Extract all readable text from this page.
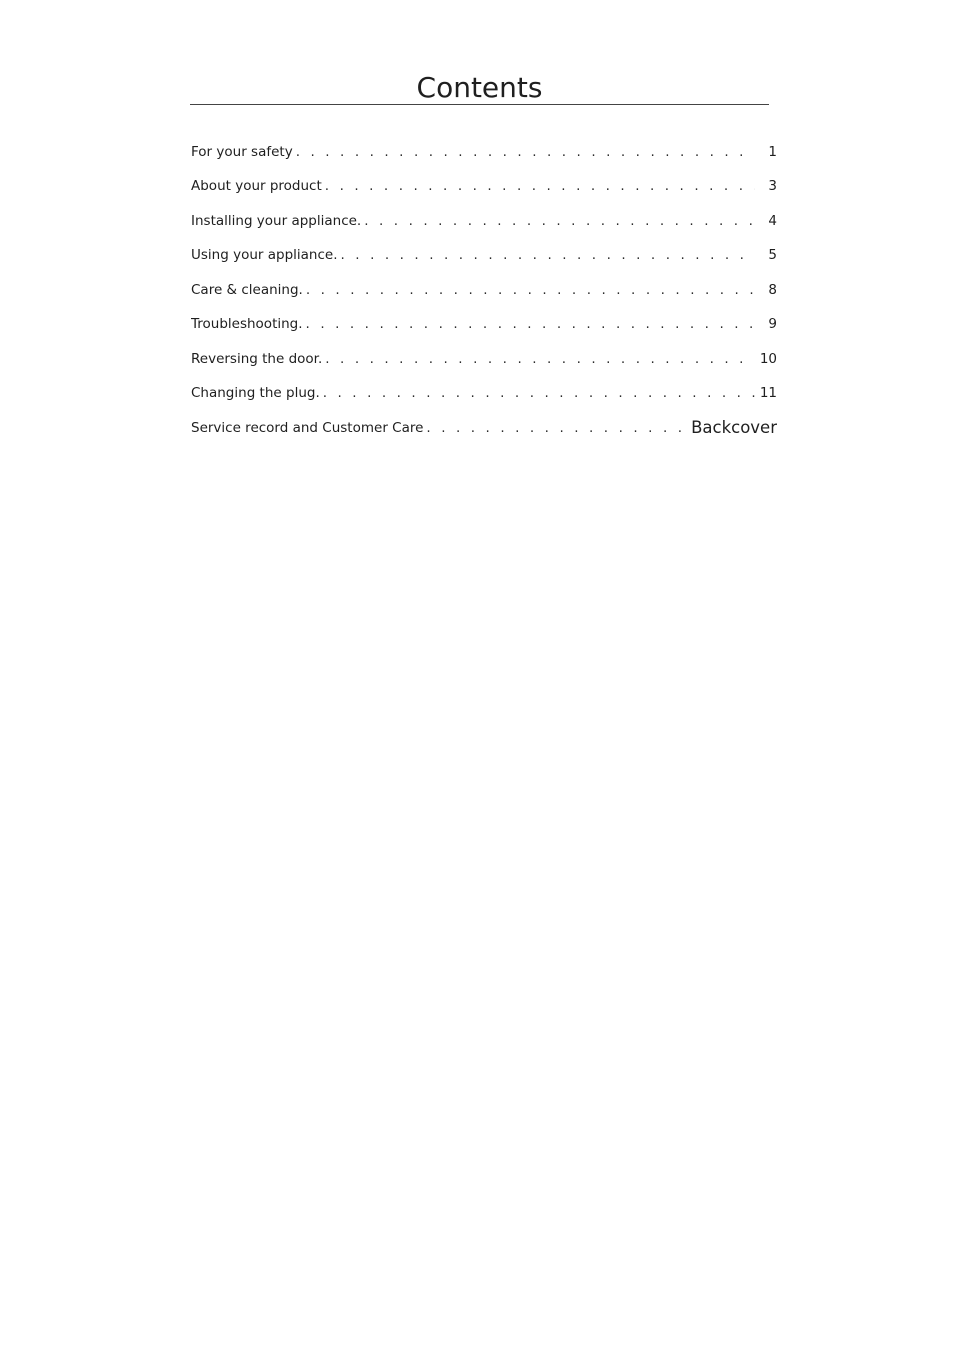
Contents
For your safety . . .	1
About your product . . .	3
Installing your appliance. . . .	4
Using your appliance. . . .	5
Care & cleaning. . . .	8
Troubleshooting. . . .	9
Reversing the door. . . .	10
Changing the plug. . . .	11
Service record and Customer Care . . .	Backcover
